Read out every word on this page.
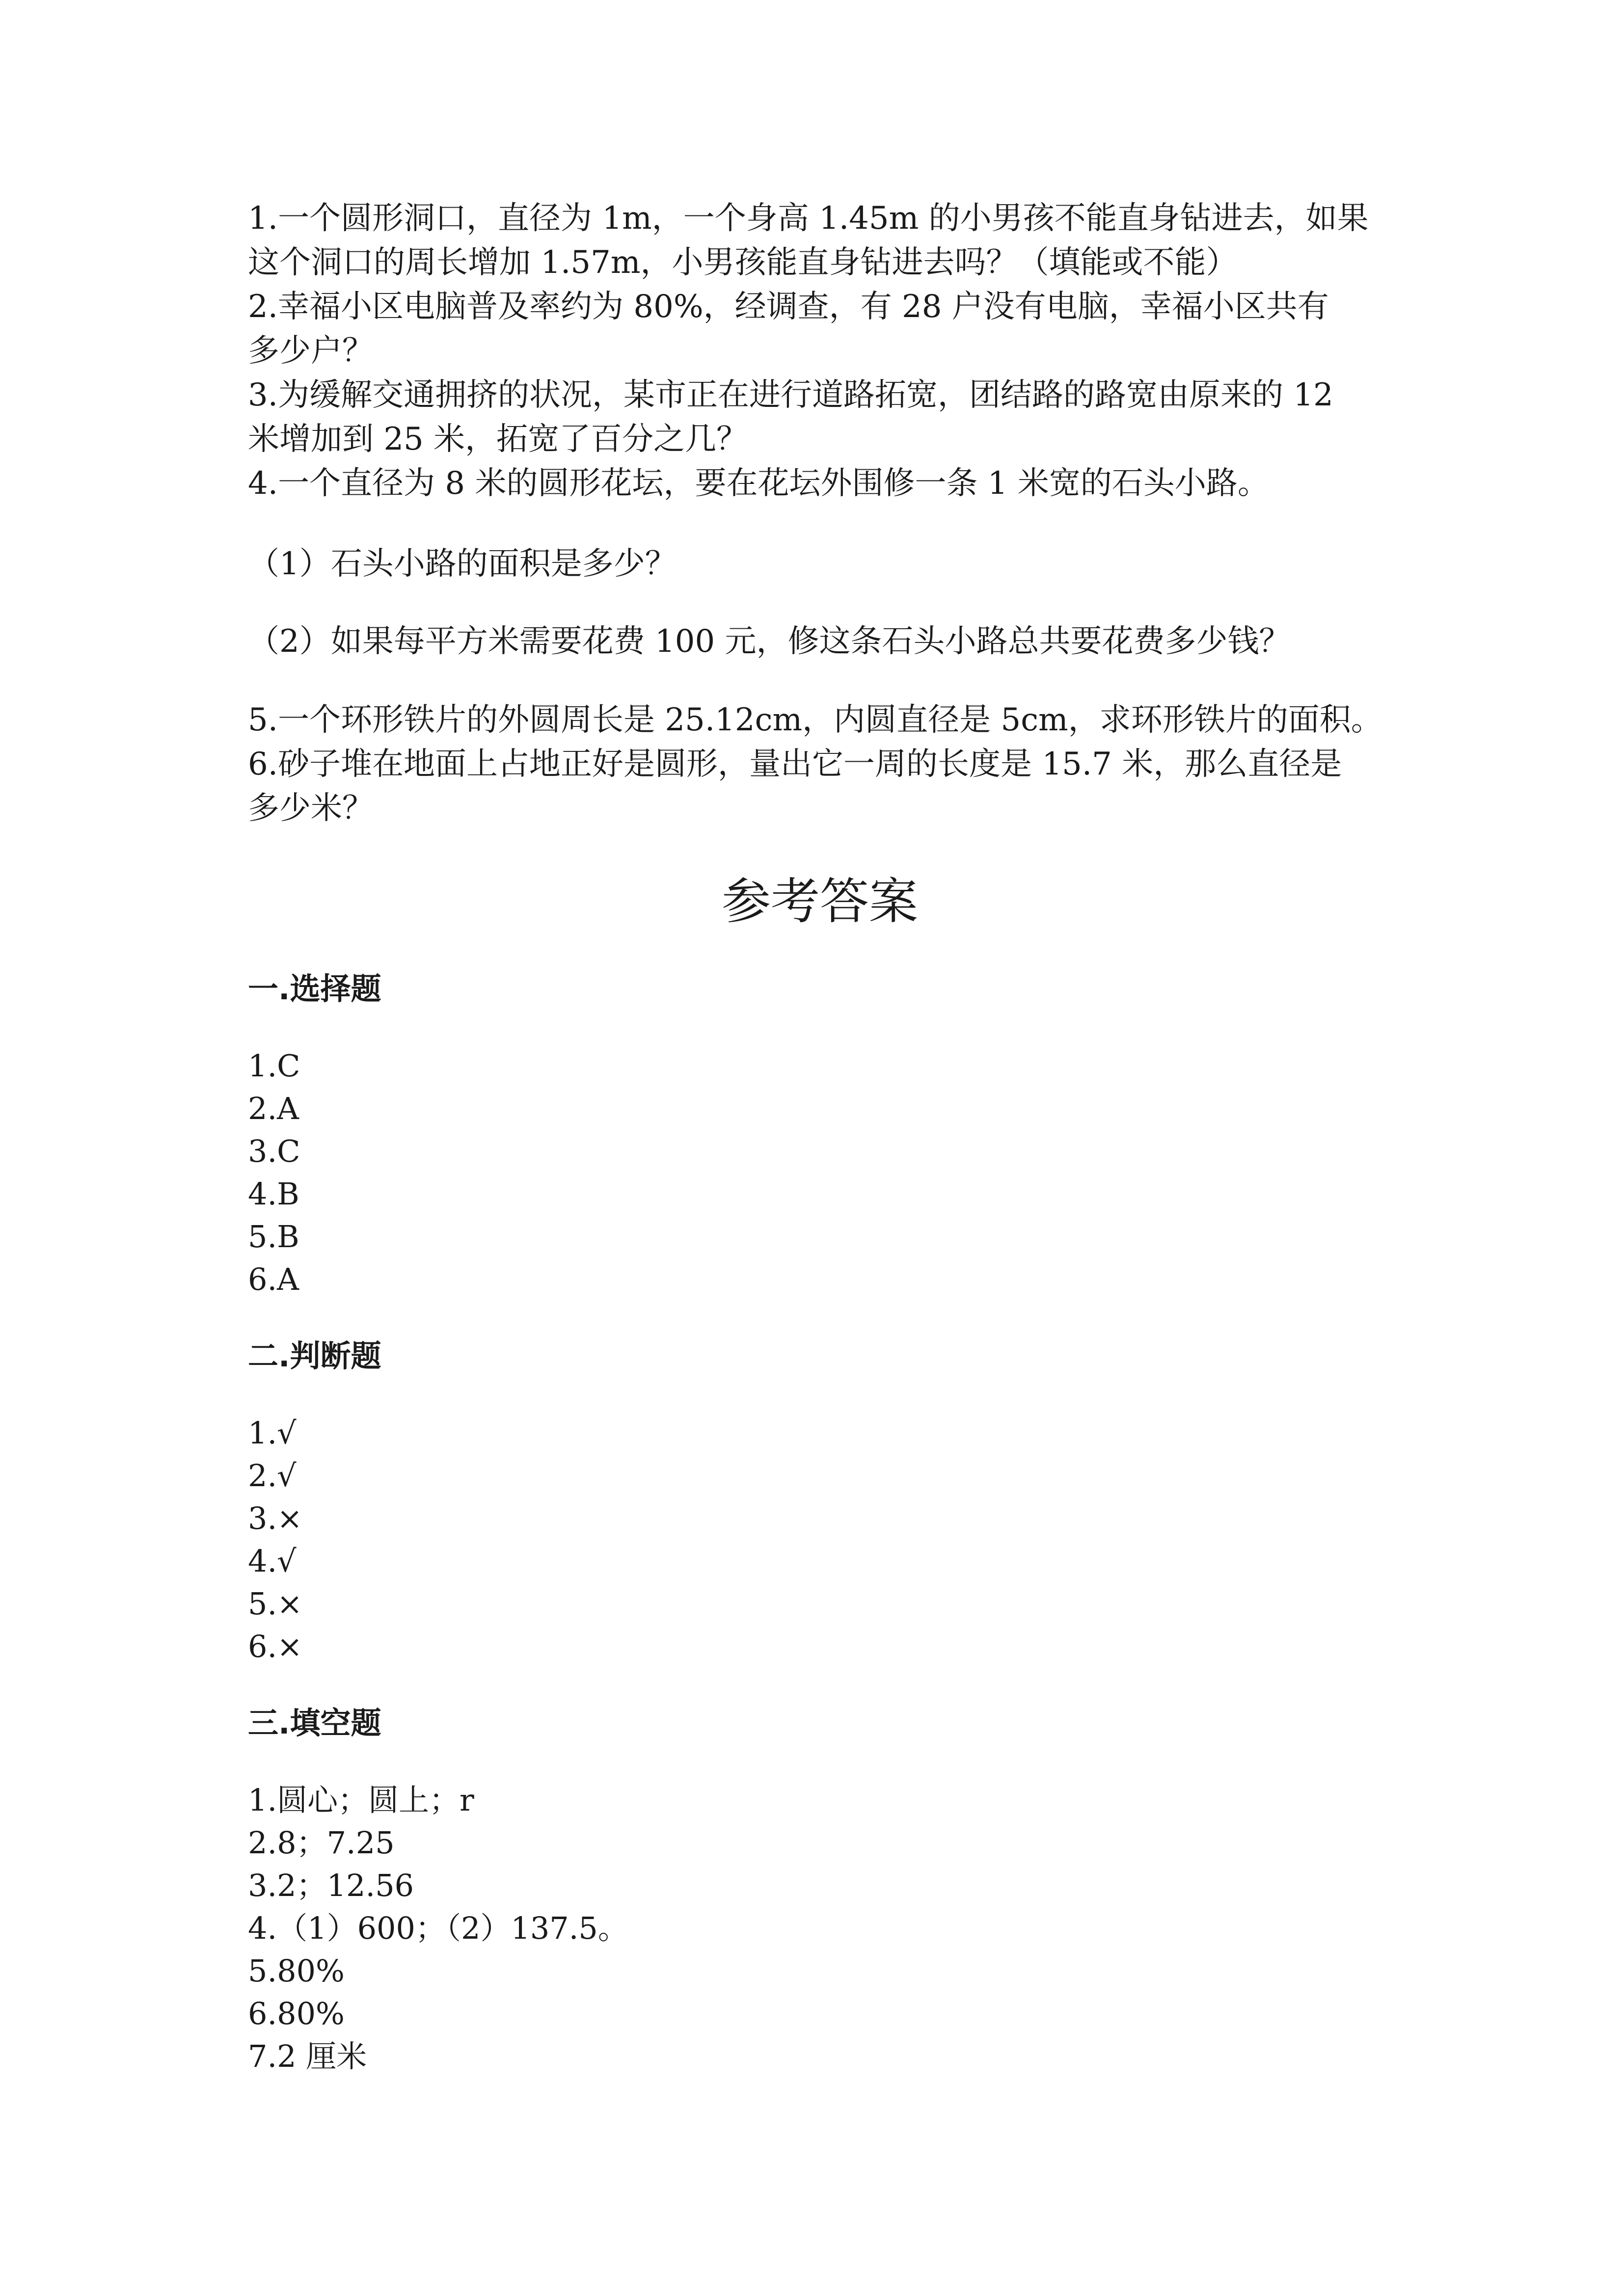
1.一个圆形洞口，直径为 1m，一个身高 1.45m 的小男孩不能直身钻进去，如果

这个洞口的周长增加 1.57m，小男孩能直身钻进去吗？（填能或不能）

2.幸福小区电脑普及率约为 80%，经调查，有 28 户没有电脑，幸福小区共有

多少户？

3.为缓解交通拥挤的状况，某市正在进行道路拓宽，团结路的路宽由原来的 12

米增加到 25 米，拓宽了百分之几？

4.一个直径为 8 米的圆形花坛，要在花坛外围修一条 1 米宽的石头小路。

（1）石头小路的面积是多少？

（2）如果每平方米需要花费 100 元，修这条石头小路总共要花费多少钱？

5.一个环形铁片的外圆周长是 25.12cm，内圆直径是 5cm，求环形铁片的面积。

6.砂子堆在地面上占地正好是圆形，量出它一周的长度是 15.7 米，那么直径是

多少米？

参考答案
一.选择题
1.C
2.A
3.C
4.B
5.B
6.A
二.判断题
1.√
2.√
3.×
4.√
5.×
6.×
三.填空题
1.圆心；圆上；r
2.8；7.25
3.2；12.56
4.（1）600；（2）137.5。
5.80%
6.80%
7.2 厘米
